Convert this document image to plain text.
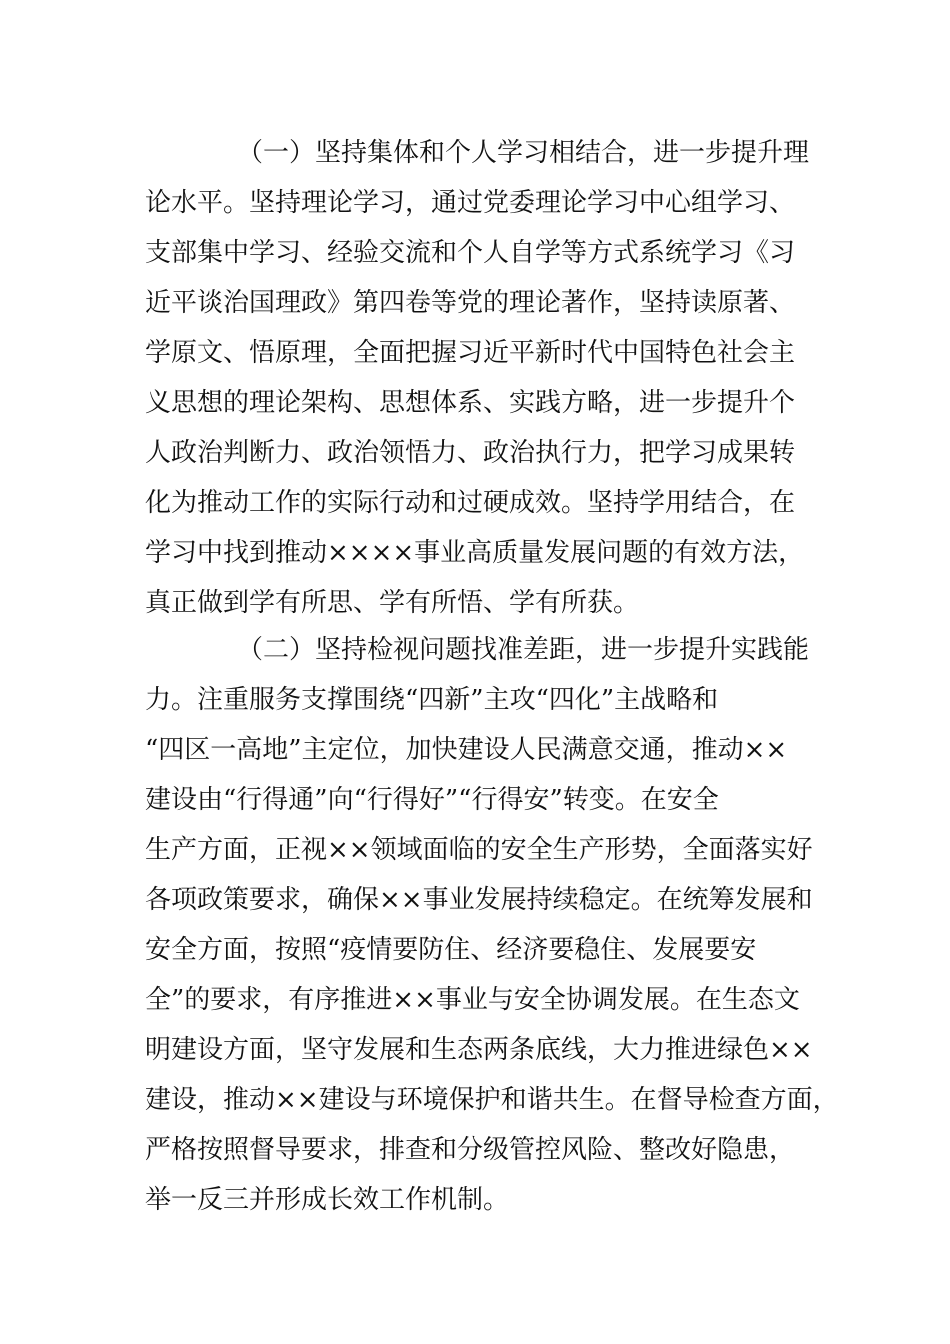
（一）坚持集体和个人学习相结合，进一步提升理
论水平。坚持理论学习，通过党委理论学习中心组学习、
支部集中学习、经验交流和个人自学等方式系统学习《习
近平谈治国理政》第四卷等党的理论著作，坚持读原著、
学原文、悟原理，全面把握习近平新时代中国特色社会主
义思想的理论架构、思想体系、实践方略，进一步提升个
人政治判断力、政治领悟力、政治执行力，把学习成果转
化为推动工作的实际行动和过硬成效。坚持学用结合，在
学习中找到推动××××事业高质量发展问题的有效方法，
真正做到学有所思、学有所悟、学有所获。
（二）坚持检视问题找准差距，进一步提升实践能
力。注重服务支撑围绕“四新”主攻“四化”主战略和
“四区一高地”主定位，加快建设人民满意交通，推动××
建设由“行得通”向“行得好”“行得安”转变。在安全
生产方面，正视××领域面临的安全生产形势，全面落实好
各项政策要求，确保××事业发展持续稳定。在统筹发展和
安全方面，按照“疫情要防住、经济要稳住、发展要安
全”的要求，有序推进××事业与安全协调发展。在生态文
明建设方面，坚守发展和生态两条底线，大力推进绿色××
建设，推动××建设与环境保护和谐共生。在督导检查方面，
严格按照督导要求，排查和分级管控风险、整改好隐患，
举一反三并形成长效工作机制。
